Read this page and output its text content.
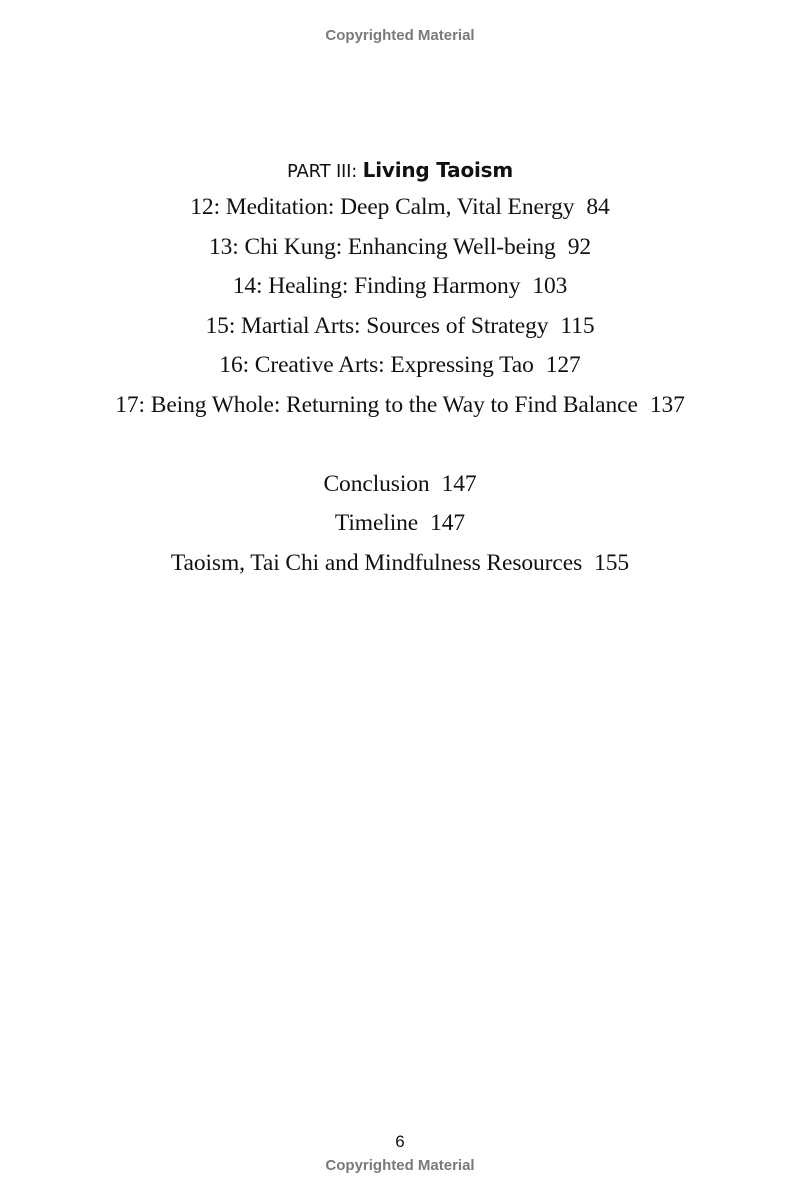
Copyrighted Material
PART III: Living Taoism
12: Meditation: Deep Calm, Vital Energy 84
13: Chi Kung: Enhancing Well-being 92
14: Healing: Finding Harmony 103
15: Martial Arts: Sources of Strategy 115
16: Creative Arts: Expressing Tao 127
17: Being Whole: Returning to the Way to Find Balance 137
Conclusion 147
Timeline 147
Taoism, Tai Chi and Mindfulness Resources 155
6
Copyrighted Material
